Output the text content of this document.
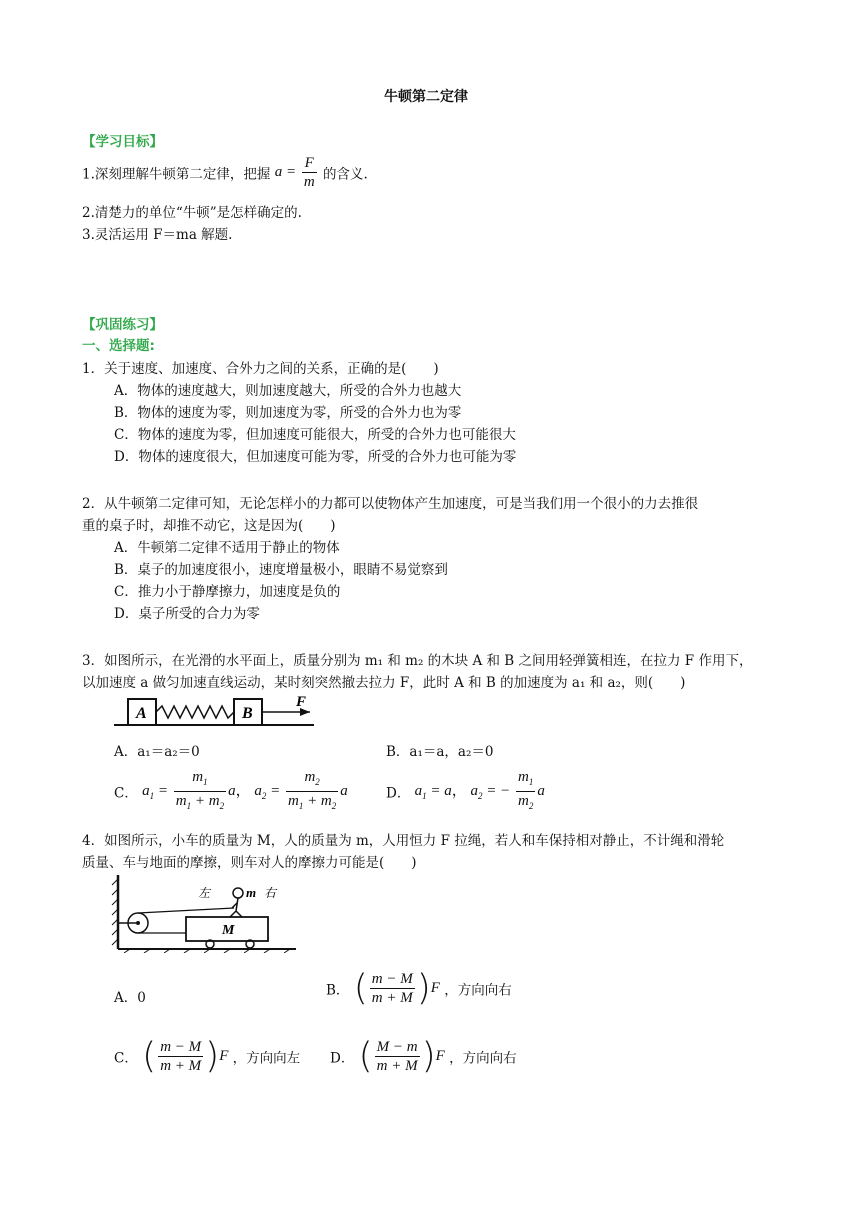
牛顿第二定律
【学习目标】
1.深刻理解牛顿第二定律，把握 $a = \frac{F}{m}$ 的含义.
2.清楚力的单位“牛顿”是怎样确定的.
3.灵活运用 F＝ma 解题.
【巩固练习】
一、选择题:
1．关于速度、加速度、合外力之间的关系，正确的是(　　)
A．物体的速度越大，则加速度越大，所受的合外力也越大
B．物体的速度为零，则加速度为零，所受的合外力也为零
C．物体的速度为零，但加速度可能很大，所受的合外力也可能很大
D．物体的速度很大，但加速度可能为零，所受的合外力也可能为零
2．从牛顿第二定律可知，无论怎样小的力都可以使物体产生加速度，可是当我们用一个很小的力去推很
重的桌子时，却推不动它，这是因为(　　)
A．牛顿第二定律不适用于静止的物体
B．桌子的加速度很小，速度增量极小，眼睛不易觉察到
C．推力小于静摩擦力，加速度是负的
D．桌子所受的合力为零
3．如图所示，在光滑的水平面上，质量分别为 m₁ 和 m₂ 的木块 A 和 B 之间用轻弹簧相连，在拉力 F 作用下，
以加速度 a 做匀加速直线运动，某时刻突然撤去拉力 F，此时 A 和 B 的加速度为 a₁ 和 a₂，则(　　)
A	B
F
A．a₁＝a₂＝0	B．a₁＝a，a₂＝0
C． $a_1 = \frac{m_1}{m_1 + m_2}$ a， $a_2 = \frac{m_2}{m_1 + m_2}$ a	D． $a_1 = a$， $a_2$ = − $\frac{m_1}{m_2}$ a
4．如图所示，小车的质量为 M，人的质量为 m，人用恒力 F 拉绳，若人和车保持相对静止，不计绳和滑轮
质量、车与地面的摩擦，则车对人的摩擦力可能是(　　)
左	m 右
M
A．0	B． ( $\frac{m - M}{m + M} )F$ ，方向向右
C． ( $\frac{m - M}{m + M} )F$ ，方向向左 D． ( $\frac{M - m}{m + M} )F$ ，方向向右
